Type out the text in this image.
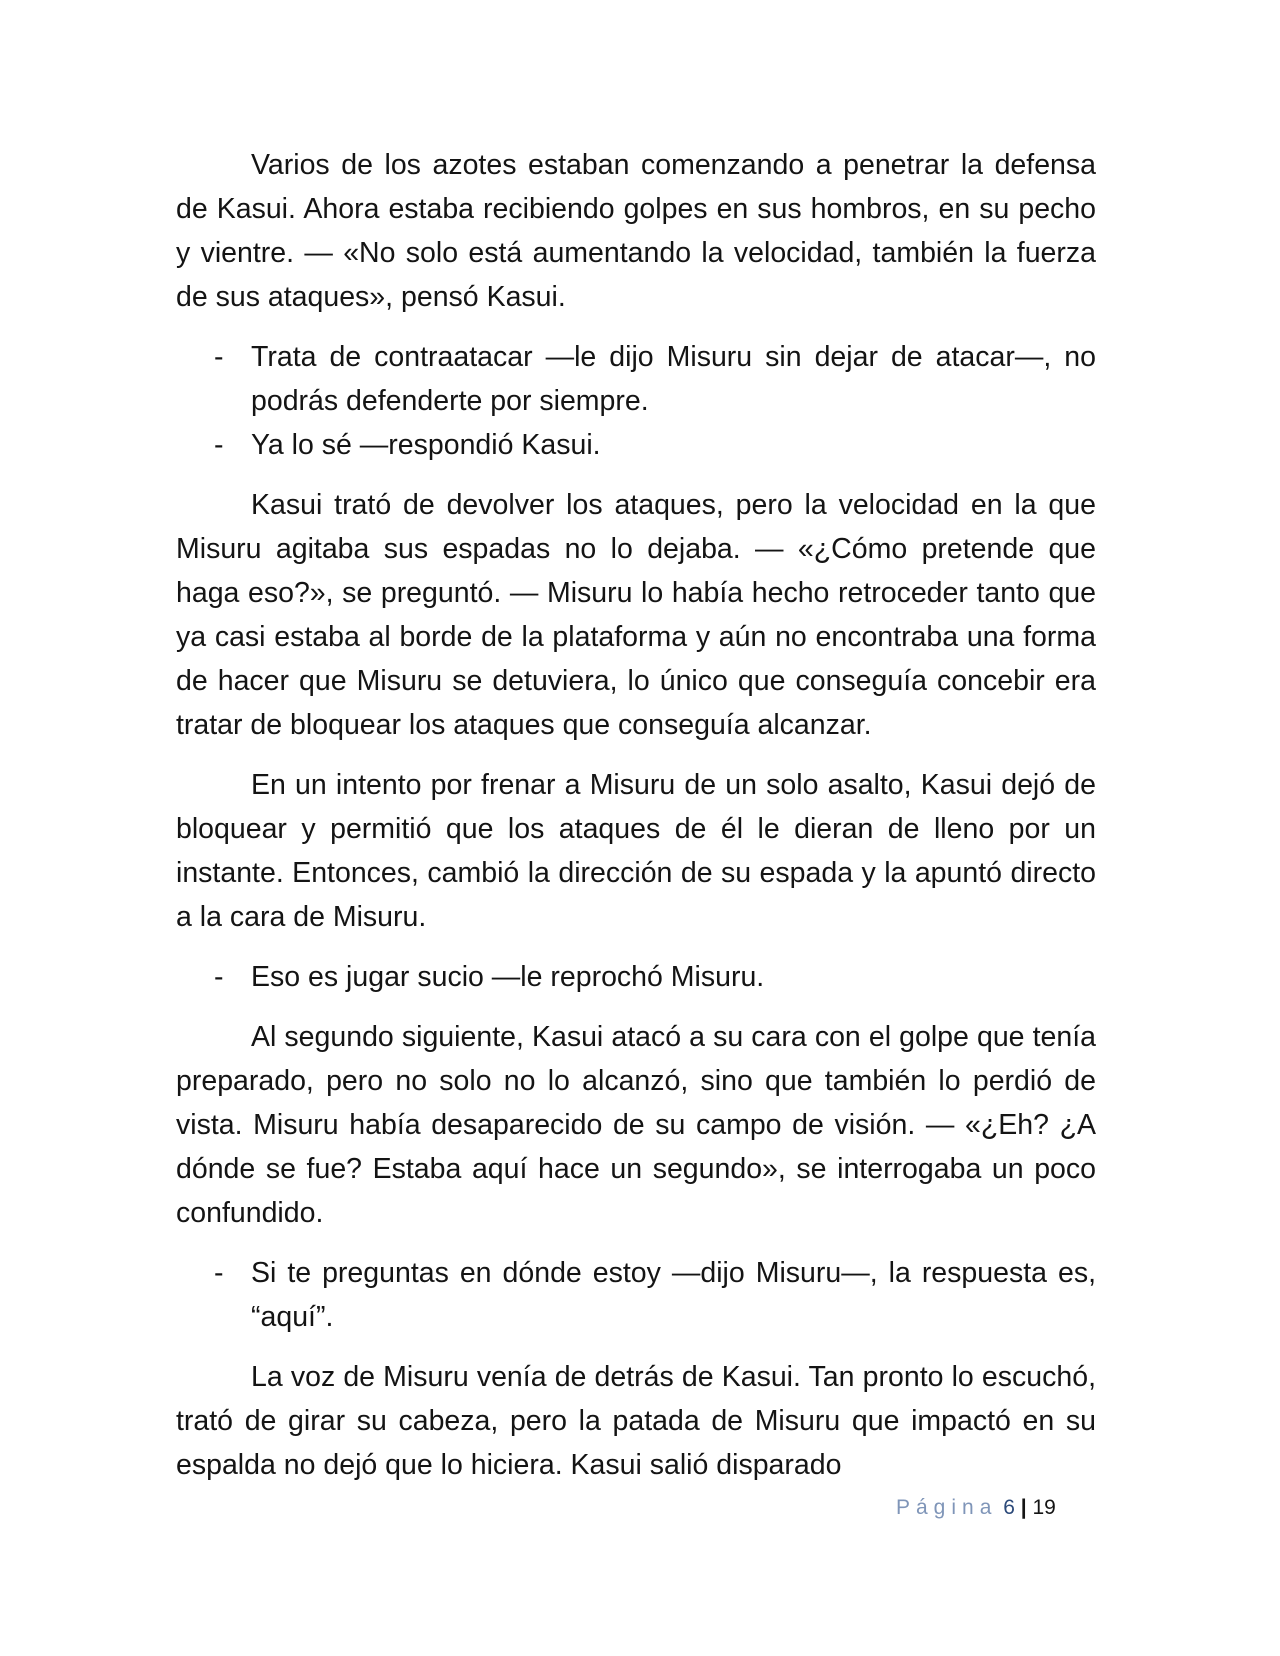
Varios de los azotes estaban comenzando a penetrar la defensa de Kasui. Ahora estaba recibiendo golpes en sus hombros, en su pecho y vientre. — «No solo está aumentando la velocidad, también la fuerza de sus ataques», pensó Kasui.

- Trata de contraatacar —le dijo Misuru sin dejar de atacar—, no podrás defenderte por siempre.
- Ya lo sé —respondió Kasui.

Kasui trató de devolver los ataques, pero la velocidad en la que Misuru agitaba sus espadas no lo dejaba. — «¿Cómo pretende que haga eso?», se preguntó. — Misuru lo había hecho retroceder tanto que ya casi estaba al borde de la plataforma y aún no encontraba una forma de hacer que Misuru se detuviera, lo único que conseguía concebir era tratar de bloquear los ataques que conseguía alcanzar.

En un intento por frenar a Misuru de un solo asalto, Kasui dejó de bloquear y permitió que los ataques de él le dieran de lleno por un instante. Entonces, cambió la dirección de su espada y la apuntó directo a la cara de Misuru.

- Eso es jugar sucio —le reprochó Misuru.

Al segundo siguiente, Kasui atacó a su cara con el golpe que tenía preparado, pero no solo no lo alcanzó, sino que también lo perdió de vista. Misuru había desaparecido de su campo de visión. — «¿Eh? ¿A dónde se fue? Estaba aquí hace un segundo», se interrogaba un poco confundido.

- Si te preguntas en dónde estoy —dijo Misuru—, la respuesta es, “aquí”.

La voz de Misuru venía de detrás de Kasui. Tan pronto lo escuchó, trató de girar su cabeza, pero la patada de Misuru que impactó en su espalda no dejó que lo hiciera. Kasui salió disparado

Página 6 | 19
